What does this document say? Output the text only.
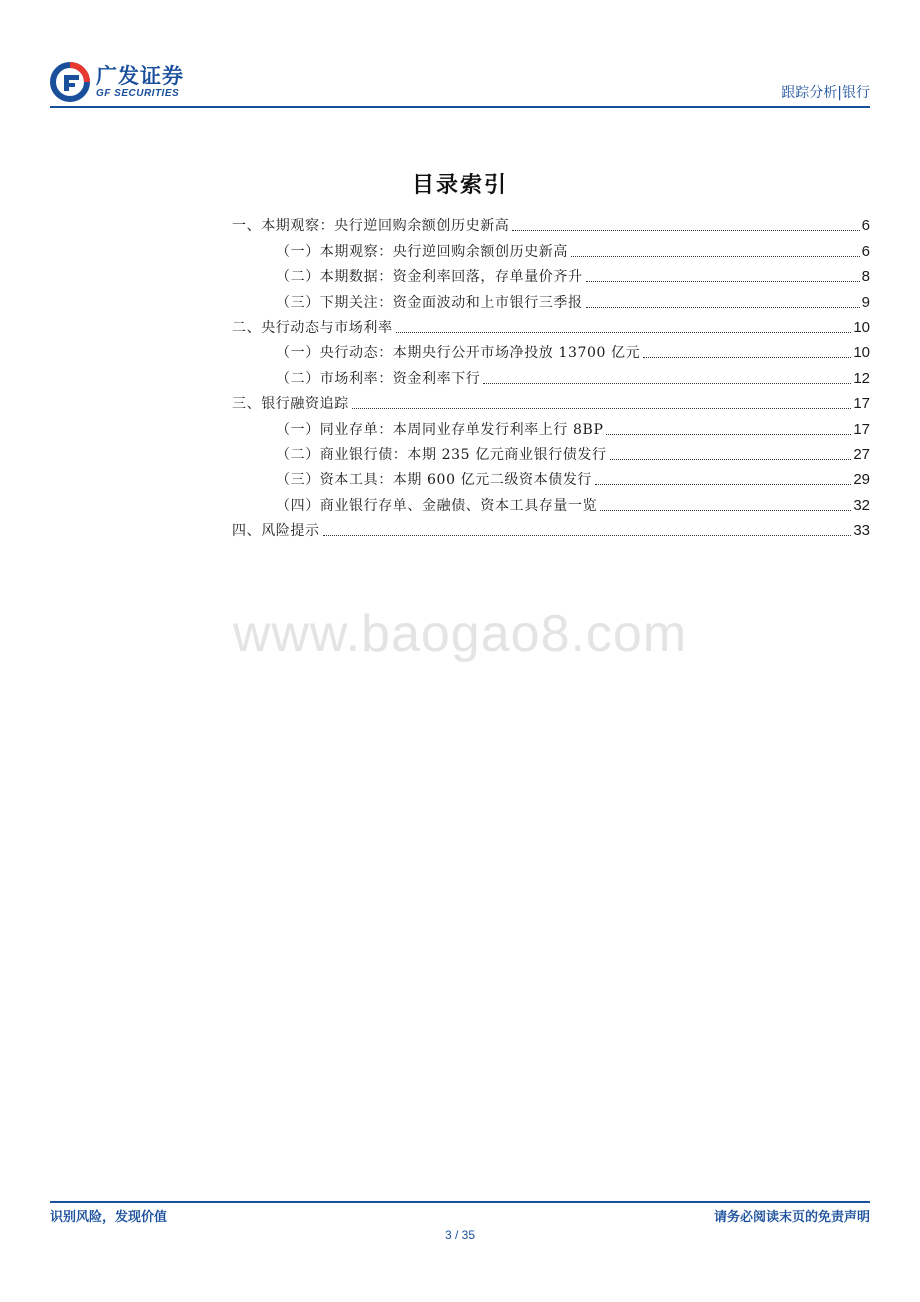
广发证券
GF SECURITIES	跟踪分析|银行
目录索引
一、本期观察：央行逆回购余额创历史新高	6
（一）本期观察：央行逆回购余额创历史新高	6
（二）本期数据：资金利率回落，存单量价齐升	8
（三）下期关注：资金面波动和上市银行三季报	9
二、央行动态与市场利率	10
（一）央行动态：本期央行公开市场净投放 13700 亿元	10
（二）市场利率：资金利率下行	12
三、银行融资追踪	17
（一）同业存单：本周同业存单发行利率上行 8BP	17
（二）商业银行债：本期 235 亿元商业银行债发行	27
（三）资本工具：本期 600 亿元二级资本债发行	29
（四）商业银行存单、金融债、资本工具存量一览	32
四、风险提示	33
www.baogao8.com
识别风险，发现价值	请务必阅读末页的免责声明
3 / 35
